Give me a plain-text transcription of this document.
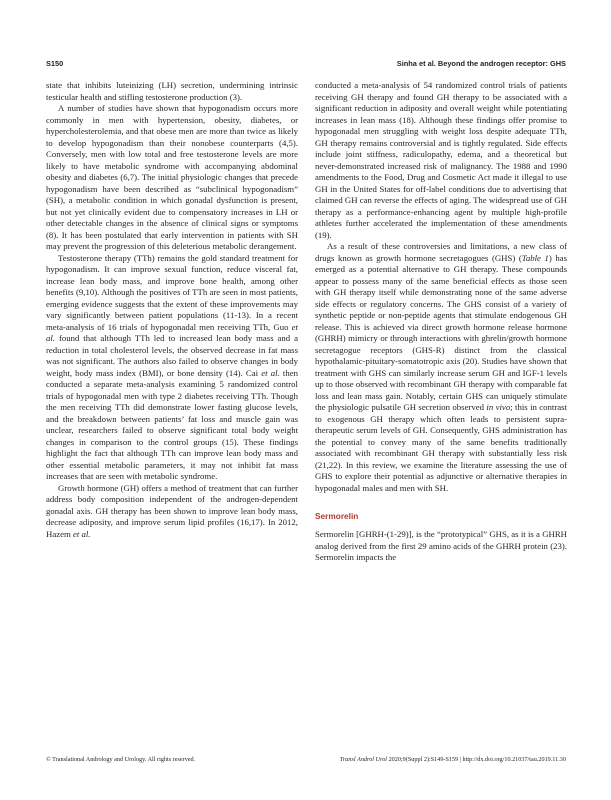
S150	Sinha et al. Beyond the androgen receptor: GHS

state that inhibits luteinizing (LH) secretion, undermining intrinsic testicular health and stifling testosterone production (3).

A number of studies have shown that hypogonadism occurs more commonly in men with hypertension, obesity, diabetes, or hypercholesterolemia, and that obese men are more than twice as likely to develop hypogonadism than their nonobese counterparts (4,5). Conversely, men with low total and free testosterone levels are more likely to have metabolic syndrome with accompanying abdominal obesity and diabetes (6,7). The initial physiologic changes that precede hypogonadism have been described as “subclinical hypogonadism” (SH), a metabolic condition in which gonadal dysfunction is present, but not yet clinically evident due to compensatory increases in LH or other detectable changes in the absence of clinical signs or symptoms (8). It has been postulated that early intervention in patients with SH may prevent the progression of this deleterious metabolic derangement.

Testosterone therapy (TTh) remains the gold standard treatment for hypogonadism. It can improve sexual function, reduce visceral fat, increase lean body mass, and improve bone health, among other benefits (9,10). Although the positives of TTh are seen in most patients, emerging evidence suggests that the extent of these improvements may vary significantly between patient populations (11-13). In a recent meta-analysis of 16 trials of hypogonadal men receiving TTh, Guo et al. found that although TTh led to increased lean body mass and a reduction in total cholesterol levels, the observed decrease in fat mass was not significant. The authors also failed to observe changes in body weight, body mass index (BMI), or bone density (14). Cai et al. then conducted a separate meta-analysis examining 5 randomized control trials of hypogonadal men with type 2 diabetes receiving TTh. Though the men receiving TTh did demonstrate lower fasting glucose levels, and the breakdown between patients’ fat loss and muscle gain was unclear, researchers failed to observe significant total body weight changes in comparison to the control groups (15). These findings highlight the fact that although TTh can improve lean body mass and other essential metabolic parameters, it may not inhibit fat mass increases that are seen with metabolic syndrome.

Growth hormone (GH) offers a method of treatment that can further address body composition independent of the androgen-dependent gonadal axis. GH therapy has been shown to improve lean body mass, decrease adiposity, and improve serum lipid profiles (16,17). In 2012, Hazem et al.

conducted a meta-analysis of 54 randomized control trials of patients receiving GH therapy and found GH therapy to be associated with a significant reduction in adiposity and overall weight while potentiating increases in lean mass (18). Although these findings offer promise to hypogonadal men struggling with weight loss despite adequate TTh, GH therapy remains controversial and is tightly regulated. Side effects include joint stiffness, radiculopathy, edema, and a theoretical but never-demonstrated increased risk of malignancy. The 1988 and 1990 amendments to the Food, Drug and Cosmetic Act made it illegal to use GH in the United States for off-label conditions due to advertising that claimed GH can reverse the effects of aging. The widespread use of GH therapy as a performance-enhancing agent by multiple high-profile athletes further accelerated the implementation of these amendments (19).

As a result of these controversies and limitations, a new class of drugs known as growth hormone secretagogues (GHS) (Table 1) has emerged as a potential alternative to GH therapy. These compounds appear to possess many of the same beneficial effects as those seen with GH therapy itself while demonstrating none of the same adverse side effects or regulatory concerns. The GHS consist of a variety of synthetic peptide or non-peptide agents that stimulate endogenous GH release. This is achieved via direct growth hormone release hormone (GHRH) mimicry or through interactions with ghrelin/growth hormone secretagogue receptors (GHS-R) distinct from the classical hypothalamic-pituitary-somatotropic axis (20). Studies have shown that treatment with GHS can similarly increase serum GH and IGF-1 levels up to those observed with recombinant GH therapy with comparable fat loss and lean mass gain. Notably, certain GHS can uniquely stimulate the physiologic pulsatile GH secretion observed in vivo; this in contrast to exogenous GH therapy which often leads to persistent supra-therapeutic serum levels of GH. Consequently, GHS administration has the potential to convey many of the same benefits traditionally associated with recombinant GH therapy with substantially less risk (21,22). In this review, we examine the literature assessing the use of GHS to explore their potential as adjunctive or alternative therapies in hypogonadal males and men with SH.

Sermorelin

Sermorelin [GHRH-(1-29)], is the “prototypical” GHS, as it is a GHRH analog derived from the first 29 amino acids of the GHRH protein (23). Sermorelin impacts the

© Translational Andrology and Urology. All rights reserved.	Transl Androl Urol 2020;9(Suppl 2):S149-S159 | http://dx.doi.org/10.21037/tau.2019.11.30
